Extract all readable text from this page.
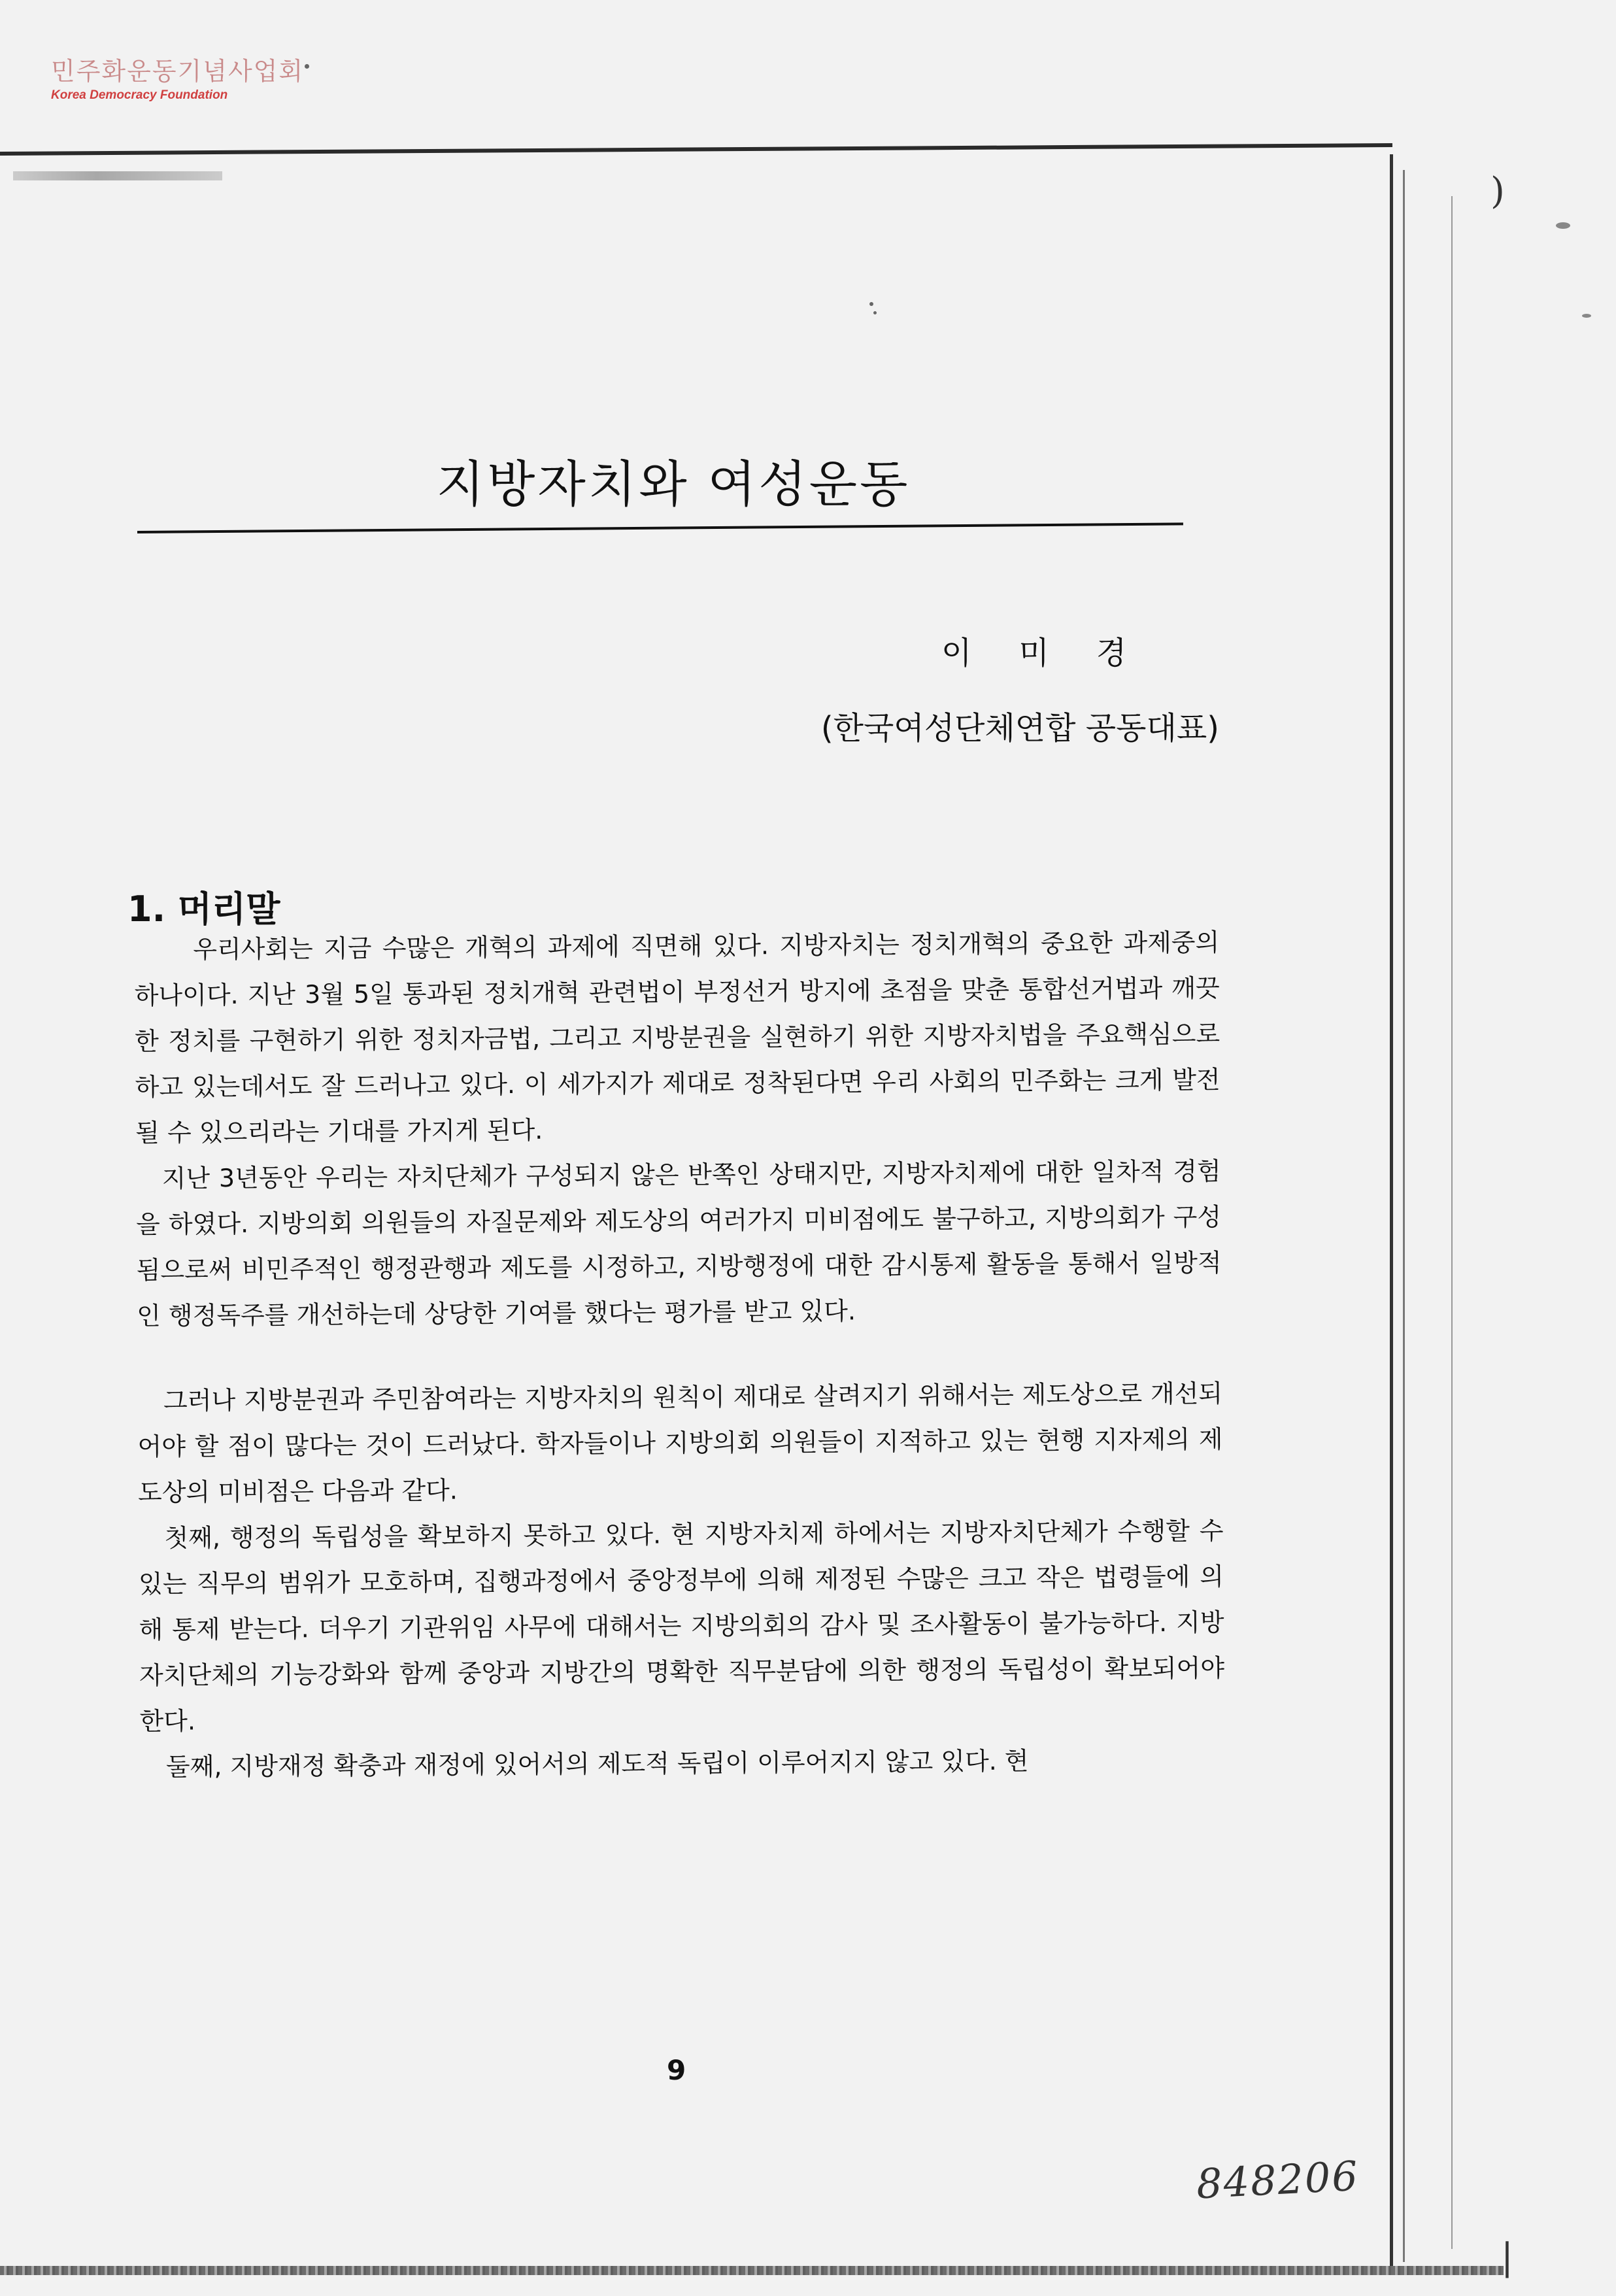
민주화운동기념사업회
Korea Democracy Foundation
)
|
지방자치와 여성운동
이미경
(한국여성단체연합 공동대표)
1. 머리말

우리사회는 지금 수많은 개혁의 과제에 직면해 있다. 지방자치는 정치개혁의 중요한 과제중의 하나이다. 지난 3월 5일 통과된 정치개혁 관련법이 부정선거 방지에 초점을 맞춘 통합선거법과 깨끗한 정치를 구현하기 위한 정치자금법, 그리고 지방분권을 실현하기 위한 지방자치법을 주요핵심으로 하고 있는데서도 잘 드러나고 있다. 이 세가지가 제대로 정착된다면 우리 사회의 민주화는 크게 발전될 수 있으리라는 기대를 가지게 된다.

지난 3년동안 우리는 자치단체가 구성되지 않은 반쪽인 상태지만, 지방자치제에 대한 일차적 경험을 하였다. 지방의회 의원들의 자질문제와 제도상의 여러가지 미비점에도 불구하고, 지방의회가 구성됨으로써 비민주적인 행정관행과 제도를 시정하고, 지방행정에 대한 감시통제 활동을 통해서 일방적인 행정독주를 개선하는데 상당한 기여를 했다는 평가를 받고 있다.

그러나 지방분권과 주민참여라는 지방자치의 원칙이 제대로 살려지기 위해서는 제도상으로 개선되어야 할 점이 많다는 것이 드러났다. 학자들이나 지방의회 의원들이 지적하고 있는 현행 지자제의 제도상의 미비점은 다음과 같다.

첫째, 행정의 독립성을 확보하지 못하고 있다. 현 지방자치제 하에서는 지방자치단체가 수행할 수 있는 직무의 범위가 모호하며, 집행과정에서 중앙정부에 의해 제정된 수많은 크고 작은 법령들에 의해 통제 받는다. 더우기 기관위임 사무에 대해서는 지방의회의 감사 및 조사활동이 불가능하다. 지방자치단체의 기능강화와 함께 중앙과 지방간의 명확한 직무분담에 의한 행정의 독립성이 확보되어야 한다.

둘째, 지방재정 확충과 재정에 있어서의 제도적 독립이 이루어지지 않고 있다. 현

9
848206
